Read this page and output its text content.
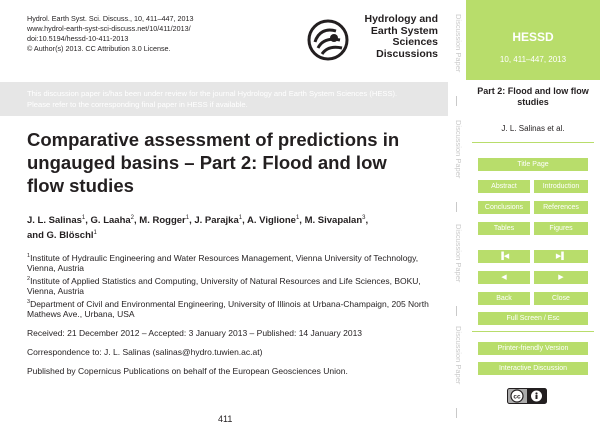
Hydrol. Earth Syst. Sci. Discuss., 10, 411–447, 2013
www.hydrol-earth-syst-sci-discuss.net/10/411/2013/
doi:10.5194/hessd-10-411-2013
© Author(s) 2013. CC Attribution 3.0 License.
Hydrology and
Earth System
Sciences
Discussions

This discussion paper is/has been under review for the journal Hydrology and Earth System Sciences (HESS). Please refer to the corresponding final paper in HESS if available.

Comparative assessment of predictions in ungauged basins – Part 2: Flood and low flow studies
J. L. Salinas$^1$, G. Laaha$^2$, M. Rogger$^1$, J. Parajka$^1$, A. Viglione$^1$, M. Sivapalan$^3$,
and G. Blöschl$^1$
$^1$Institute of Hydraulic Engineering and Water Resources Management, Vienna University of Technology, Vienna, Austria
$^2$Institute of Applied Statistics and Computing, University of Natural Resources and Life Sciences, BOKU, Vienna, Austria
$^3$Department of Civil and Environmental Engineering, University of Illinois at Urbana-Champaign, 205 North Mathews Ave., Urbana, USA
Received: 21 December 2012 – Accepted: 3 January 2013 – Published: 14 January 2013
Correspondence to: J. L. Salinas (salinas@hydro.tuwien.ac.at)
Published by Copernicus Publications on behalf of the European Geosciences Union.
411
Discussion Paper
Discussion Paper
Discussion Paper
Discussion Paper
HESSD
10, 411–447, 2013
Part 2: Flood and low flow studies
J. L. Salinas et al.
Title Page
Abstract	Introduction
Conclusions	References
Tables	Figures
▐◀	▶▌
◀	▶
Back	Close
Full Screen / Esc
Printer-friendly Version
Interactive Discussion
cc
